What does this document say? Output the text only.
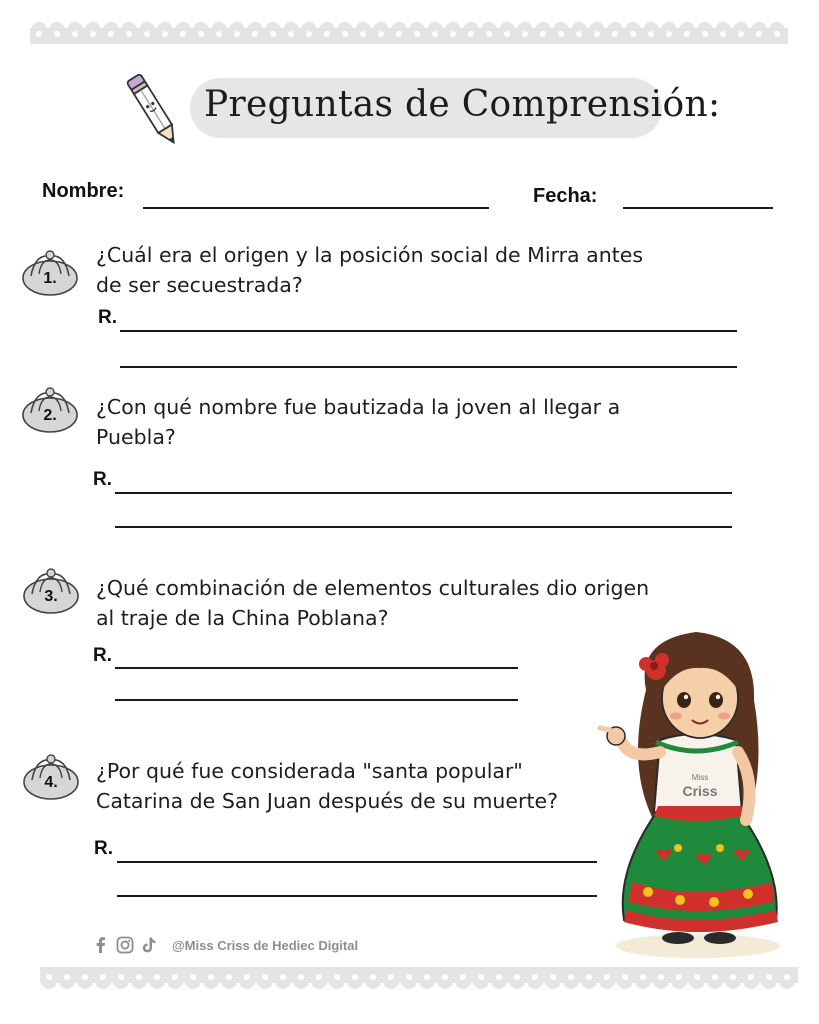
Preguntas de Comprensión:
Nombre:	Fecha:
1.
¿Cuál era el origen y la posición social de Mirra antes
de ser secuestrada?
R.
2.	¿Con qué nombre fue bautizada la joven al llegar a
Puebla?
R.
3.	¿Qué combinación de elementos culturales dio origen
al traje de la China Poblana?
R.
4.	¿Por qué fue considerada "santa popular"
Catarina de San Juan después de su muerte?
R.
Miss
Criss
@Miss Criss de Hediec Digital
